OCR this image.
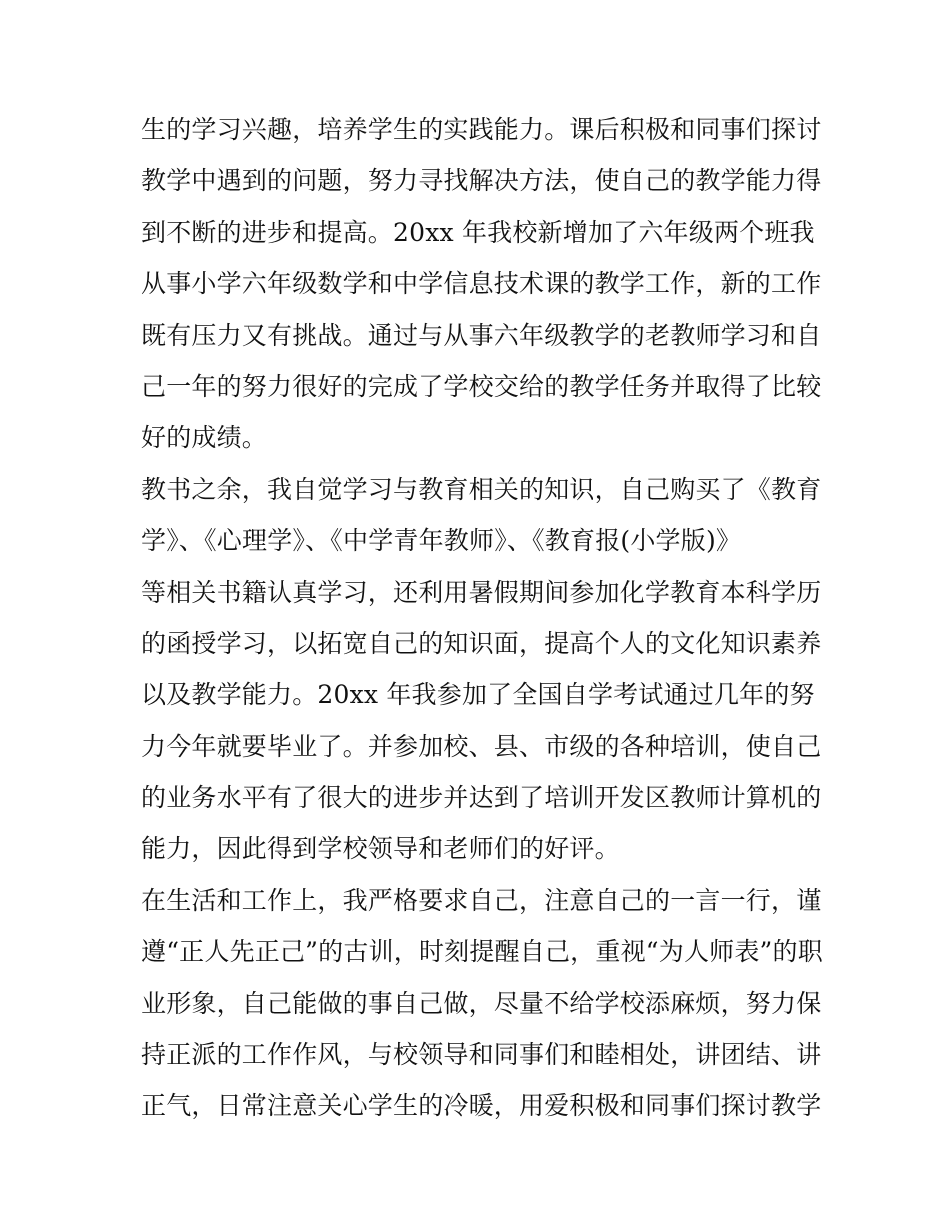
生的学习兴趣，培养学生的实践能力。课后积极和同事们探讨
教学中遇到的问题，努力寻找解决方法，使自己的教学能力得
到不断的进步和提高。20xx 年我校新增加了六年级两个班我
从事小学六年级数学和中学信息技术课的教学工作，新的工作
既有压力又有挑战。通过与从事六年级教学的老教师学习和自
己一年的努力很好的完成了学校交给的教学任务并取得了比较
好的成绩。
教书之余，我自觉学习与教育相关的知识，自己购买了《教育
学》、《心理学》、《中学青年教师》、《教育报(小学版)》
等相关书籍认真学习，还利用暑假期间参加化学教育本科学历
的函授学习，以拓宽自己的知识面，提高个人的文化知识素养
以及教学能力。20xx 年我参加了全国自学考试通过几年的努
力今年就要毕业了。并参加校、县、市级的各种培训，使自己
的业务水平有了很大的进步并达到了培训开发区教师计算机的
能力，因此得到学校领导和老师们的好评。
在生活和工作上，我严格要求自己，注意自己的一言一行，谨
遵“正人先正己”的古训，时刻提醒自己，重视“为人师表”的职
业形象，自己能做的事自己做，尽量不给学校添麻烦，努力保
持正派的工作作风，与校领导和同事们和睦相处，讲团结、讲
正气，日常注意关心学生的冷暖，用爱积极和同事们探讨教学
